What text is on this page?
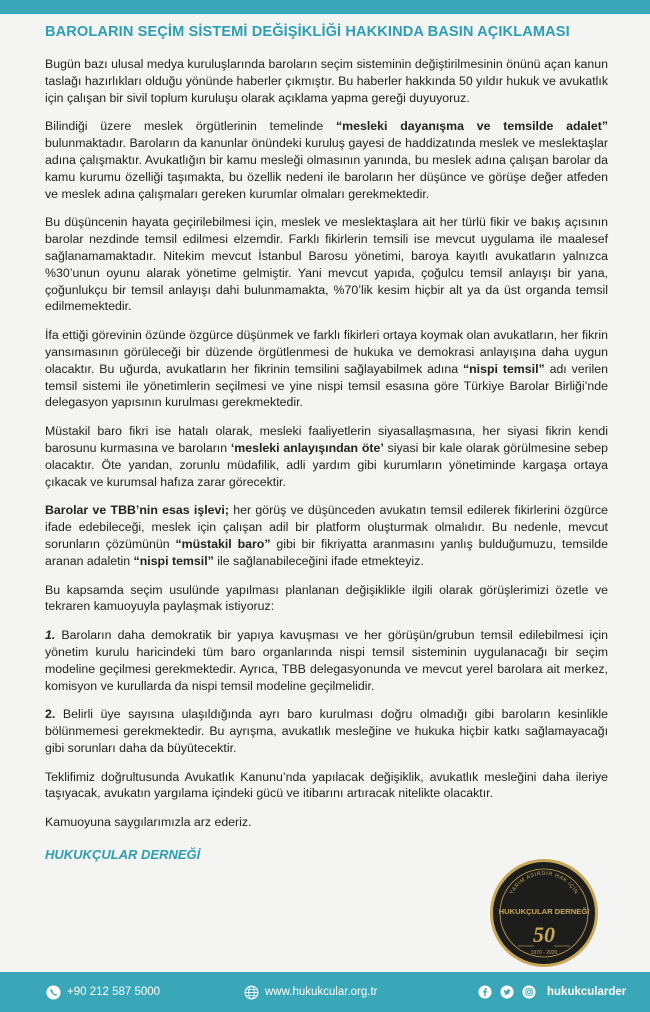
BAROLARIN SEÇİM SİSTEMİ DEĞİŞİKLİĞİ HAKKINDA BASIN AÇIKLAMASI

Bugün bazı ulusal medya kuruluşlarında baroların seçim sisteminin değiştirilmesinin önünü açan kanun taslağı hazırlıkları olduğu yönünde haberler çıkmıştır. Bu haberler hakkında 50 yıldır hukuk ve avukatlık için çalışan bir sivil toplum kuruluşu olarak açıklama yapma gereği duyuyoruz.

Bilindiği üzere meslek örgütlerinin temelinde “mesleki dayanışma ve temsilde adalet” bulunmaktadır. Baroların da kanunlar önündeki kuruluş gayesi de haddizatında meslek ve meslektaşlar adına çalışmaktır. Avukatlığın bir kamu mesleği olmasının yanında, bu meslek adına çalışan barolar da kamu kurumu özelliği taşımakta, bu özellik nedeni ile baroların her düşünce ve görüşe değer atfeden ve meslek adına çalışmaları gereken kurumlar olmaları gerekmektedir.

Bu düşüncenin hayata geçirilebilmesi için, meslek ve meslektaşlara ait her türlü fikir ve bakış açısının barolar nezdinde temsil edilmesi elzemdir. Farklı fikirlerin temsili ise mevcut uygulama ile maalesef sağlanamamaktadır. Nitekim mevcut İstanbul Barosu yönetimi, baroya kayıtlı avukatların yalnızca %30’unun oyunu alarak yönetime gelmiştir. Yani mevcut yapıda, çoğulcu temsil anlayışı bir yana, çoğunlukçu bir temsil anlayışı dahi bulunmamakta, %70’lik kesim hiçbir alt ya da üst organda temsil edilmemektedir.

İfa ettiği görevinin özünde özgürce düşünmek ve farklı fikirleri ortaya koymak olan avukatların, her fikrin yansımasının görüleceği bir düzende örgütlenmesi de hukuka ve demokrasi anlayışına daha uygun olacaktır. Bu uğurda, avukatların her fikrinin temsilini sağlayabilmek adına “nispi temsil” adı verilen temsil sistemi ile yönetimlerin seçilmesi ve yine nispi temsil esasına göre Türkiye Barolar Birliği’nde delegasyon yapısının kurulması gerekmektedir.

Müstakil baro fikri ise hatalı olarak, mesleki faaliyetlerin siyasallaşmasına, her siyasi fikrin kendi barosunu kurmasına ve baroların ‘mesleki anlayışından öte’ siyasi bir kale olarak görülmesine sebep olacaktır. Öte yandan, zorunlu müdafilik, adli yardım gibi kurumların yönetiminde kargaşa ortaya çıkacak ve kurumsal hafıza zarar görecektir.

Barolar ve TBB’nin esas işlevi; her görüş ve düşünceden avukatın temsil edilerek fikirlerini özgürce ifade edebileceği, meslek için çalışan adil bir platform oluşturmak olmalıdır. Bu nedenle, mevcut sorunların çözümünün “müstakil baro” gibi bir fikriyatta aranmasını yanlış bulduğumuzu, temsilde aranan adaletin “nispi temsil” ile sağlanabileceğini ifade etmekteyiz.

Bu kapsamda seçim usulünde yapılması planlanan değişiklikle ilgili olarak görüşlerimizi özetle ve tekraren kamuoyuyla paylaşmak istiyoruz:

1. Baroların daha demokratik bir yapıya kavuşması ve her görüşün/grubun temsil edilebilmesi için yönetim kurulu haricindeki tüm baro organlarında nispi temsil sisteminin uygulanacağı bir seçim modeline geçilmesi gerekmektedir. Ayrıca, TBB delegasyonunda ve mevcut yerel barolara ait merkez, komisyon ve kurullarda da nispi temsil modeline geçilmelidir.

2. Belirli üye sayısına ulaşıldığında ayrı baro kurulması doğru olmadığı gibi baroların kesinlikle bölünmemesi gerekmektedir. Bu ayrışma, avukatlık mesleğine ve hukuka hiçbir katkı sağlamayacağı gibi sorunları daha da büyütecektir.

Teklifimiz doğrultusunda Avukatlık Kanunu’nda yapılacak değişiklik, avukatlık mesleğini daha ileriye taşıyacak, avukatın yargılama içindeki gücü ve itibarını artıracak nitelikte olacaktır.

Kamuoyuna saygılarımızla arz ederiz.

HUKUKÇULAR DERNEĞİ

YARIM ASIRDIR HAK İÇİN
HUKUKÇULAR DERNEĞİ
50
1970 - 2020
+90 212 587 5000	www.hukukcular.org.tr	hukukcularder
